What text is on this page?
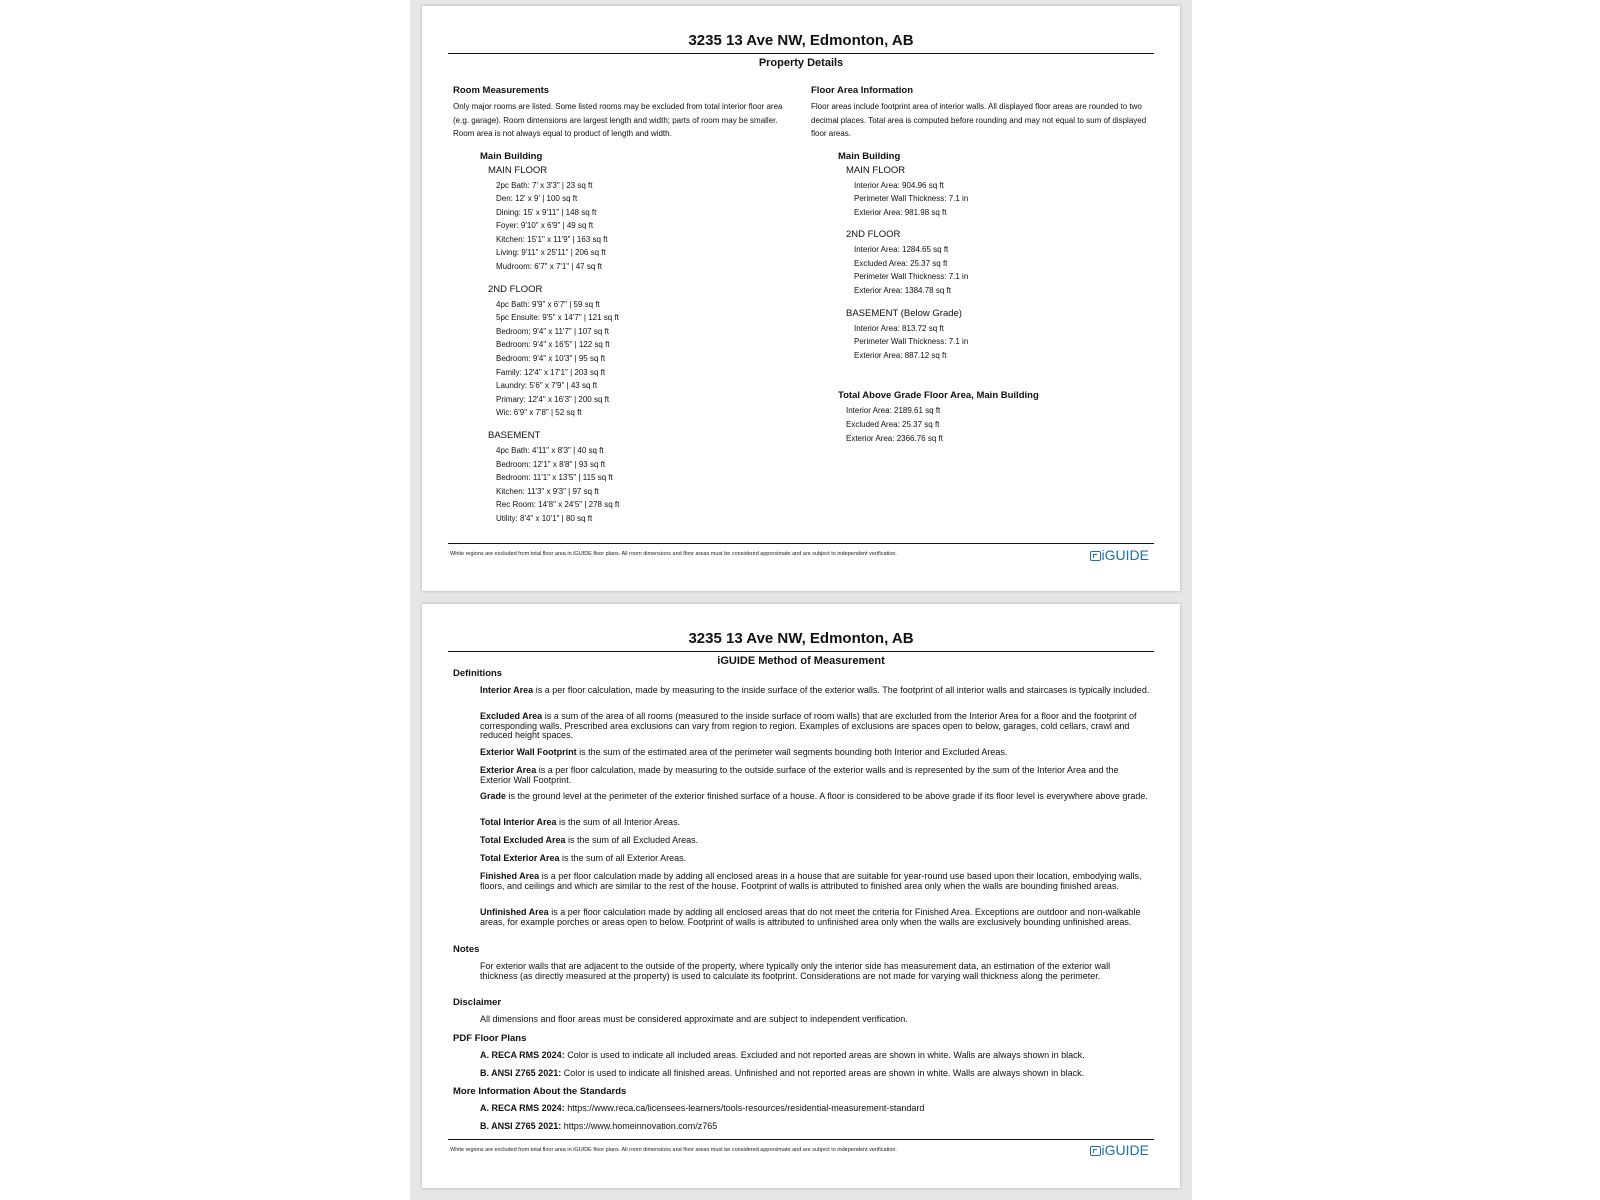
3235 13 Ave NW, Edmonton, AB
Property Details
Room Measurements

Only major rooms are listed. Some listed rooms may be excluded from total interior floor area (e.g. garage). Room dimensions are largest length and width; parts of room may be smaller. Room area is not always equal to product of length and width.

Main Building
MAIN FLOOR
2pc Bath: 7' x 3'3" | 23 sq ft
Den: 12' x 9' | 100 sq ft
Dining: 15' x 9'11" | 148 sq ft
Foyer: 9'10" x 6'9" | 49 sq ft
Kitchen: 15'1" x 11'9" | 163 sq ft
Living: 9'11" x 25'11" | 206 sq ft
Mudroom: 6'7" x 7'1" | 47 sq ft
2ND FLOOR
4pc Bath: 9'9" x 6'7" | 59 sq ft
5pc Ensuite: 9'5" x 14'7" | 121 sq ft
Bedroom: 9'4" x 11'7" | 107 sq ft
Bedroom: 9'4" x 16'5" | 122 sq ft
Bedroom: 9'4" x 10'3" | 95 sq ft
Family: 12'4" x 17'1" | 203 sq ft
Laundry: 5'6" x 7'9" | 43 sq ft
Primary: 12'4" x 16'3" | 200 sq ft
Wic: 6'9" x 7'8" | 52 sq ft
BASEMENT
4pc Bath: 4'11" x 8'3" | 40 sq ft
Bedroom: 12'1" x 8'8" | 93 sq ft
Bedroom: 11'1" x 13'5" | 115 sq ft
Kitchen: 11'3" x 9'3" | 97 sq ft
Rec Room: 14'8" x 24'5" | 278 sq ft
Utility: 8'4" x 10'1" | 80 sq ft
Floor Area Information

Floor areas include footprint area of interior walls. All displayed floor areas are rounded to two decimal places. Total area is computed before rounding and may not equal to sum of displayed floor areas.

Main Building
MAIN FLOOR
Interior Area: 904.96 sq ft
Perimeter Wall Thickness: 7.1 in
Exterior Area: 981.98 sq ft
2ND FLOOR
Interior Area: 1284.65 sq ft
Excluded Area: 25.37 sq ft
Perimeter Wall Thickness: 7.1 in
Exterior Area: 1384.78 sq ft
BASEMENT (Below Grade)
Interior Area: 813.72 sq ft
Perimeter Wall Thickness: 7.1 in
Exterior Area: 887.12 sq ft
Total Above Grade Floor Area, Main Building
Interior Area: 2189.61 sq ft
Excluded Area: 25.37 sq ft
Exterior Area: 2366.76 sq ft
White regions are excluded from total floor area in iGUIDE floor plans. All room dimensions and floor areas must be considered approximate and are subject to independent verification.	iGUIDE
3235 13 Ave NW, Edmonton, AB
iGUIDE Method of Measurement
Definitions
Interior Area is a per floor calculation, made by measuring to the inside surface of the exterior walls. The footprint of all interior walls and staircases is typically included.
Excluded Area is a sum of the area of all rooms (measured to the inside surface of room walls) that are excluded from the Interior Area for a floor and the footprint of corresponding walls. Prescribed area exclusions can vary from region to region. Examples of exclusions are spaces open to below, garages, cold cellars, crawl and reduced height spaces.
Exterior Wall Footprint is the sum of the estimated area of the perimeter wall segments bounding both Interior and Excluded Areas.
Exterior Area is a per floor calculation, made by measuring to the outside surface of the exterior walls and is represented by the sum of the Interior Area and the Exterior Wall Footprint.
Grade is the ground level at the perimeter of the exterior finished surface of a house. A floor is considered to be above grade if its floor level is everywhere above grade.
Total Interior Area is the sum of all Interior Areas.
Total Excluded Area is the sum of all Excluded Areas.
Total Exterior Area is the sum of all Exterior Areas.
Finished Area is a per floor calculation made by adding all enclosed areas in a house that are suitable for year-round use based upon their location, embodying walls, floors, and ceilings and which are similar to the rest of the house. Footprint of walls is attributed to finished area only when the walls are bounding finished areas.
Unfinished Area is a per floor calculation made by adding all enclosed areas that do not meet the criteria for Finished Area. Exceptions are outdoor and non-walkable areas, for example porches or areas open to below. Footprint of walls is attributed to unfinished area only when the walls are exclusively bounding unfinished areas.
Notes
For exterior walls that are adjacent to the outside of the property, where typically only the interior side has measurement data, an estimation of the exterior wall thickness (as directly measured at the property) is used to calculate its footprint. Considerations are not made for varying wall thickness along the perimeter.
Disclaimer
All dimensions and floor areas must be considered approximate and are subject to independent verification.
PDF Floor Plans
A. RECA RMS 2024: Color is used to indicate all included areas. Excluded and not reported areas are shown in white. Walls are always shown in black.
B. ANSI Z765 2021: Color is used to indicate all finished areas. Unfinished and not reported areas are shown in white. Walls are always shown in black.
More Information About the Standards
A. RECA RMS 2024: https://www.reca.ca/licensees-learners/tools-resources/residential-measurement-standard
B. ANSI Z765 2021: https://www.homeinnovation.com/z765
White regions are excluded from total floor area in iGUIDE floor plans. All room dimensions and floor areas must be considered approximate and are subject to independent verification.	iGUIDE
